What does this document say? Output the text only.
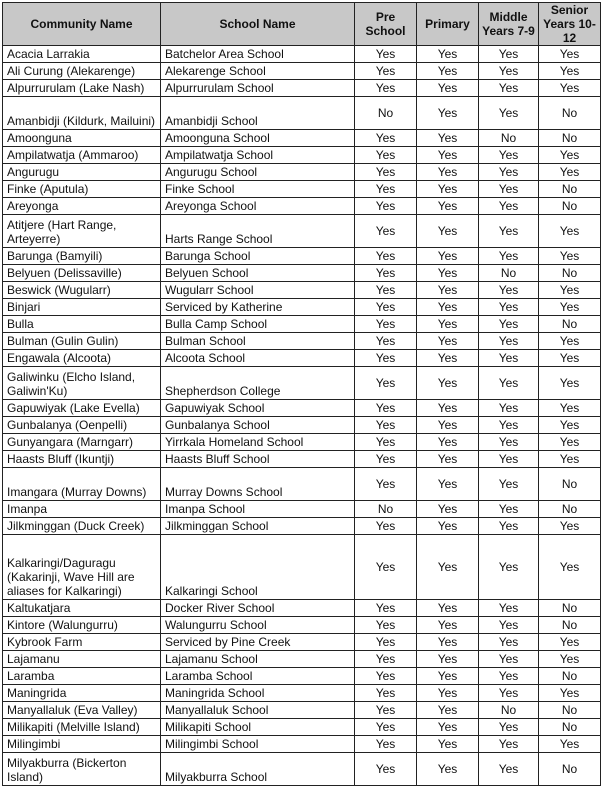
Community Name	School Name	Pre School	Primary	Middle Years 7-9	Senior Years 10-12
Acacia Larrakia	Batchelor Area School	Yes	Yes	Yes	Yes
Ali Curung (Alekarenge)	Alekarenge School	Yes	Yes	Yes	Yes
Alpurrurulam (Lake Nash)	Alpurrurulam School	Yes	Yes	Yes	Yes
Amanbidji (Kildurk, Mailuini)	Amanbidji School	No	Yes	Yes	No
Amoonguna	Amoonguna School	Yes	Yes	No	No
Ampilatwatja (Ammaroo)	Ampilatwatja School	Yes	Yes	Yes	Yes
Angurugu	Angurugu School	Yes	Yes	Yes	Yes
Finke (Aputula)	Finke School	Yes	Yes	Yes	No
Areyonga	Areyonga School	Yes	Yes	Yes	No
Atitjere (Hart Range, Arteyerre)	Harts Range School	Yes	Yes	Yes	Yes
Barunga (Bamyili)	Barunga School	Yes	Yes	Yes	Yes
Belyuen (Delissaville)	Belyuen School	Yes	Yes	No	No
Beswick (Wugularr)	Wugularr School	Yes	Yes	Yes	Yes
Binjari	Serviced by Katherine	Yes	Yes	Yes	Yes
Bulla	Bulla Camp School	Yes	Yes	Yes	No
Bulman (Gulin Gulin)	Bulman School	Yes	Yes	Yes	Yes
Engawala (Alcoota)	Alcoota School	Yes	Yes	Yes	Yes
Galiwinku (Elcho Island, Galiwin'Ku)	Shepherdson College	Yes	Yes	Yes	Yes
Gapuwiyak (Lake Evella)	Gapuwiyak School	Yes	Yes	Yes	Yes
Gunbalanya (Oenpelli)	Gunbalanya School	Yes	Yes	Yes	Yes
Gunyangara (Marngarr)	Yirrkala Homeland School	Yes	Yes	Yes	Yes
Haasts Bluff (Ikuntji)	Haasts Bluff School	Yes	Yes	Yes	Yes
Imangara (Murray Downs)	Murray Downs School	Yes	Yes	Yes	No
Imanpa	Imanpa School	No	Yes	Yes	No
Jilkminggan (Duck Creek)	Jilkminggan School	Yes	Yes	Yes	Yes
Kalkaringi/Daguragu (Kakarinji, Wave Hill are aliases for Kalkaringi)	Kalkaringi School	Yes	Yes	Yes	Yes
Kaltukatjara	Docker River School	Yes	Yes	Yes	No
Kintore (Walungurru)	Walungurru School	Yes	Yes	Yes	No
Kybrook Farm	Serviced by Pine Creek	Yes	Yes	Yes	Yes
Lajamanu	Lajamanu School	Yes	Yes	Yes	Yes
Laramba	Laramba School	Yes	Yes	Yes	No
Maningrida	Maningrida School	Yes	Yes	Yes	Yes
Manyallaluk (Eva Valley)	Manyallaluk School	Yes	Yes	No	No
Milikapiti (Melville Island)	Milikapiti School	Yes	Yes	Yes	No
Milingimbi	Milingimbi School	Yes	Yes	Yes	Yes
Milyakburra (Bickerton Island)	Milyakburra School	Yes	Yes	Yes	No
